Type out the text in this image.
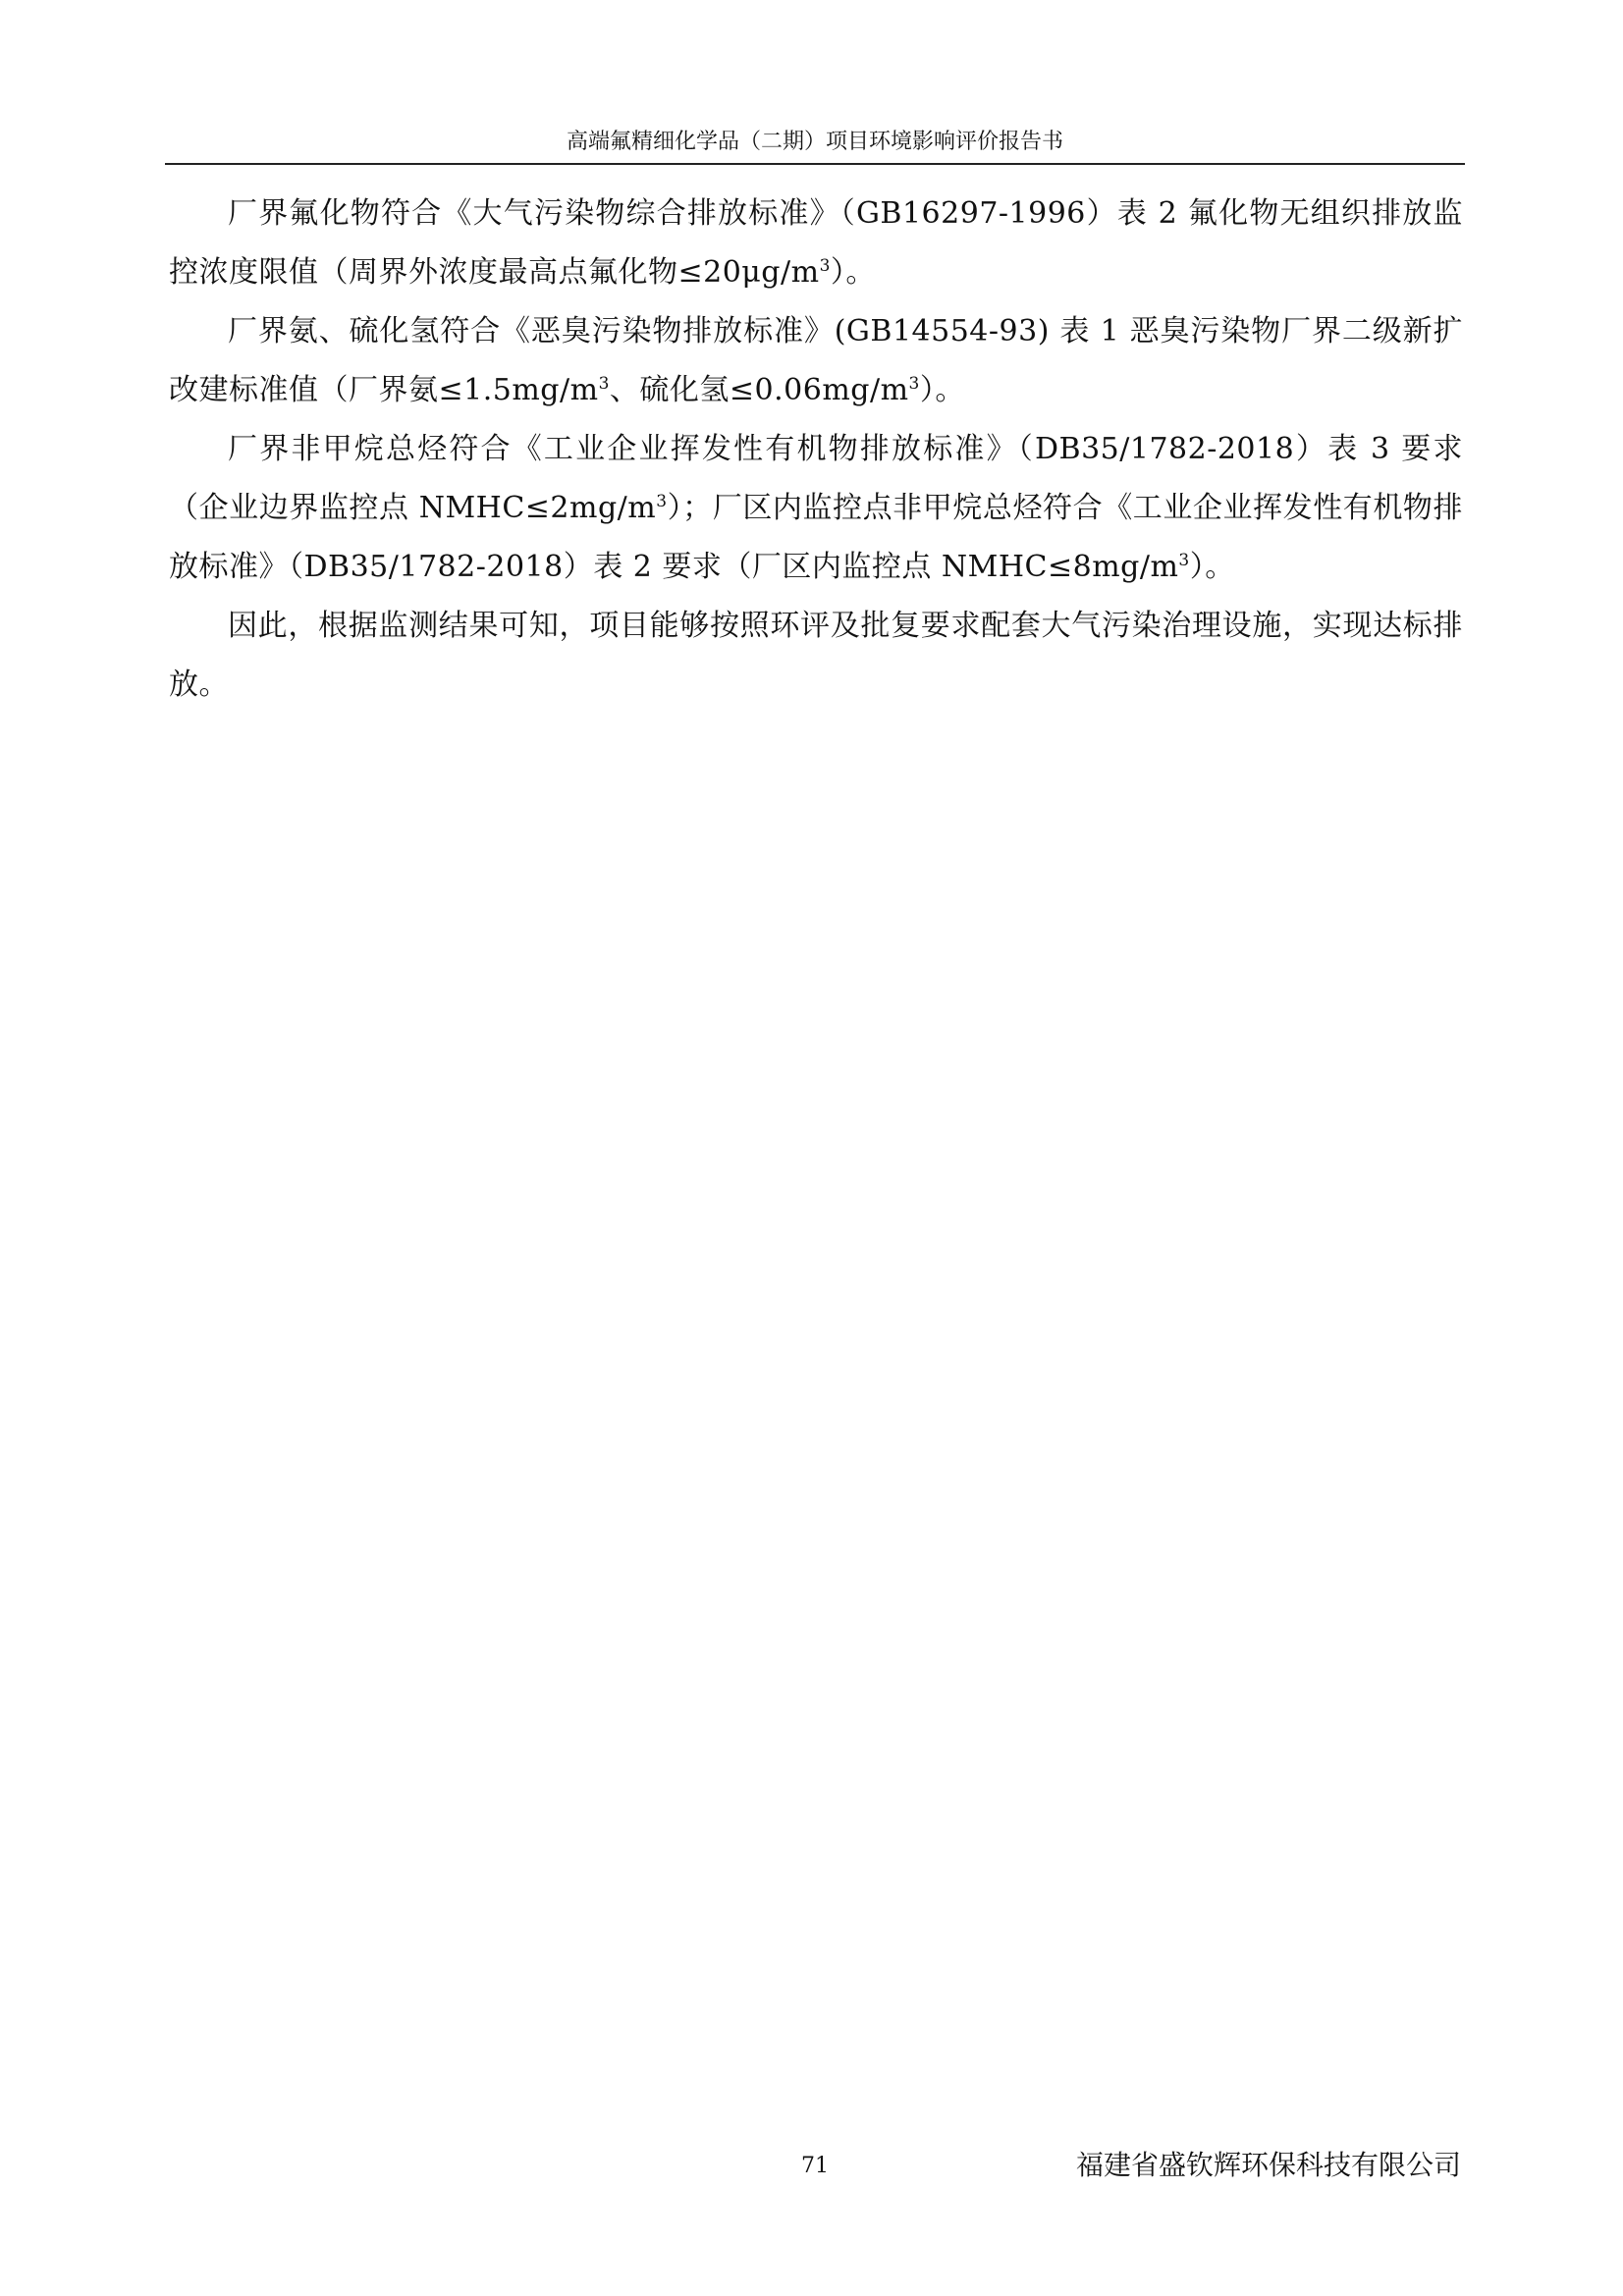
高端氟精细化学品（二期）项目环境影响评价报告书

厂界氟化物符合《大气污染物综合排放标准》（GB16297-1996）表 2 氟化物无组织排放监控浓度限值（周界外浓度最高点氟化物$\le 20\mu g/m^3$）。

厂界氨、硫化氢符合《恶臭污染物排放标准》(GB14554-93) 表 1 恶臭污染物厂界二级新扩改建标准值（厂界氨$\le 1.5mg/m^3$、硫化氢$\le 0.06mg/m^3$）。

厂界非甲烷总烃符合《工业企业挥发性有机物排放标准》（DB35/1782-2018）表 3 要求（企业边界监控点 $NMHC\le 2mg/m^3$）；厂区内监控点非甲烷总烃符合《工业企业挥发性有机物排放标准》（DB35/1782-2018）表 2 要求（厂区内监控点 $NMHC\le 8mg/m^3$）。

因此，根据监测结果可知，项目能够按照环评及批复要求配套大气污染治理设施，实现达标排放。

71	福建省盛钦辉环保科技有限公司
